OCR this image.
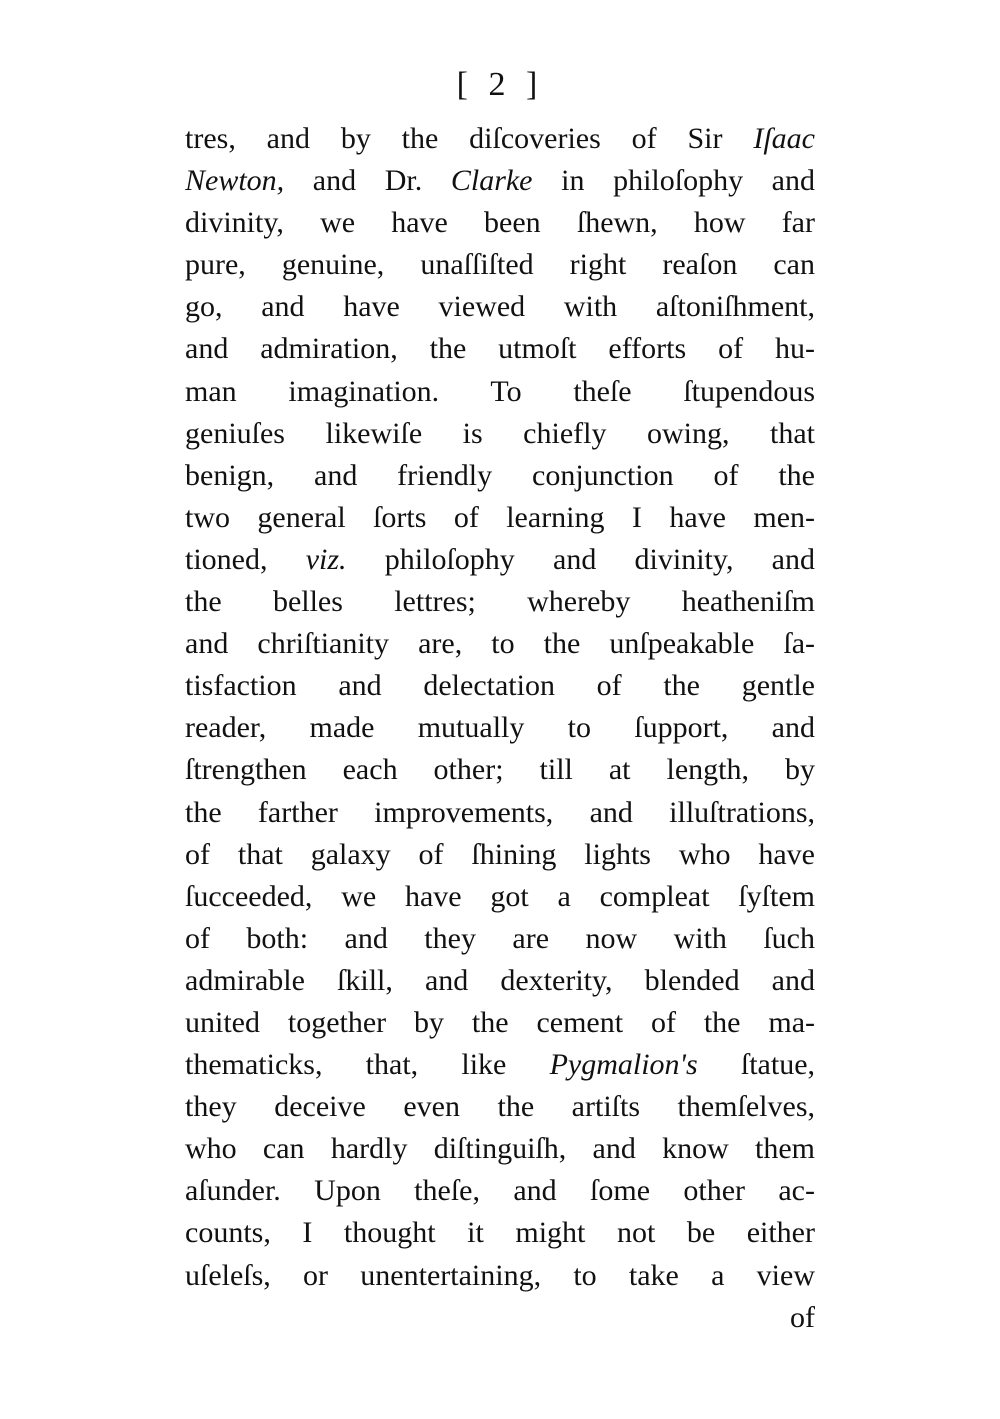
[ 2 ]
tres, and by the diſcoveries of Sir Iſaac
Newton, and Dr. Clarke in philoſophy and
divinity, we have been ſhewn, how far
pure, genuine, unaſſiſted right reaſon can
go, and have viewed with aſtoniſhment,
and admiration, the utmoſt efforts of hu-
man imagination. To theſe ſtupendous
geniuſes likewiſe is chiefly owing, that
benign, and friendly conjunction of the
two general ſorts of learning I have men-
tioned, viz. philoſophy and divinity, and
the belles lettres; whereby heatheniſm
and chriſtianity are, to the unſpeakable ſa-
tisfaction and delectation of the gentle
reader, made mutually to ſupport, and
ſtrengthen each other; till at length, by
the farther improvements, and illuſtrations,
of that galaxy of ſhining lights who have
ſucceeded, we have got a compleat ſyſtem
of both: and they are now with ſuch
admirable ſkill, and dexterity, blended and
united together by the cement of the ma-
thematicks, that, like Pygmalion's ſtatue,
they deceive even the artiſts themſelves,
who can hardly diſtinguiſh, and know them
aſunder. Upon theſe, and ſome other ac-
counts, I thought it might not be either
uſeleſs, or unentertaining, to take a view
of
